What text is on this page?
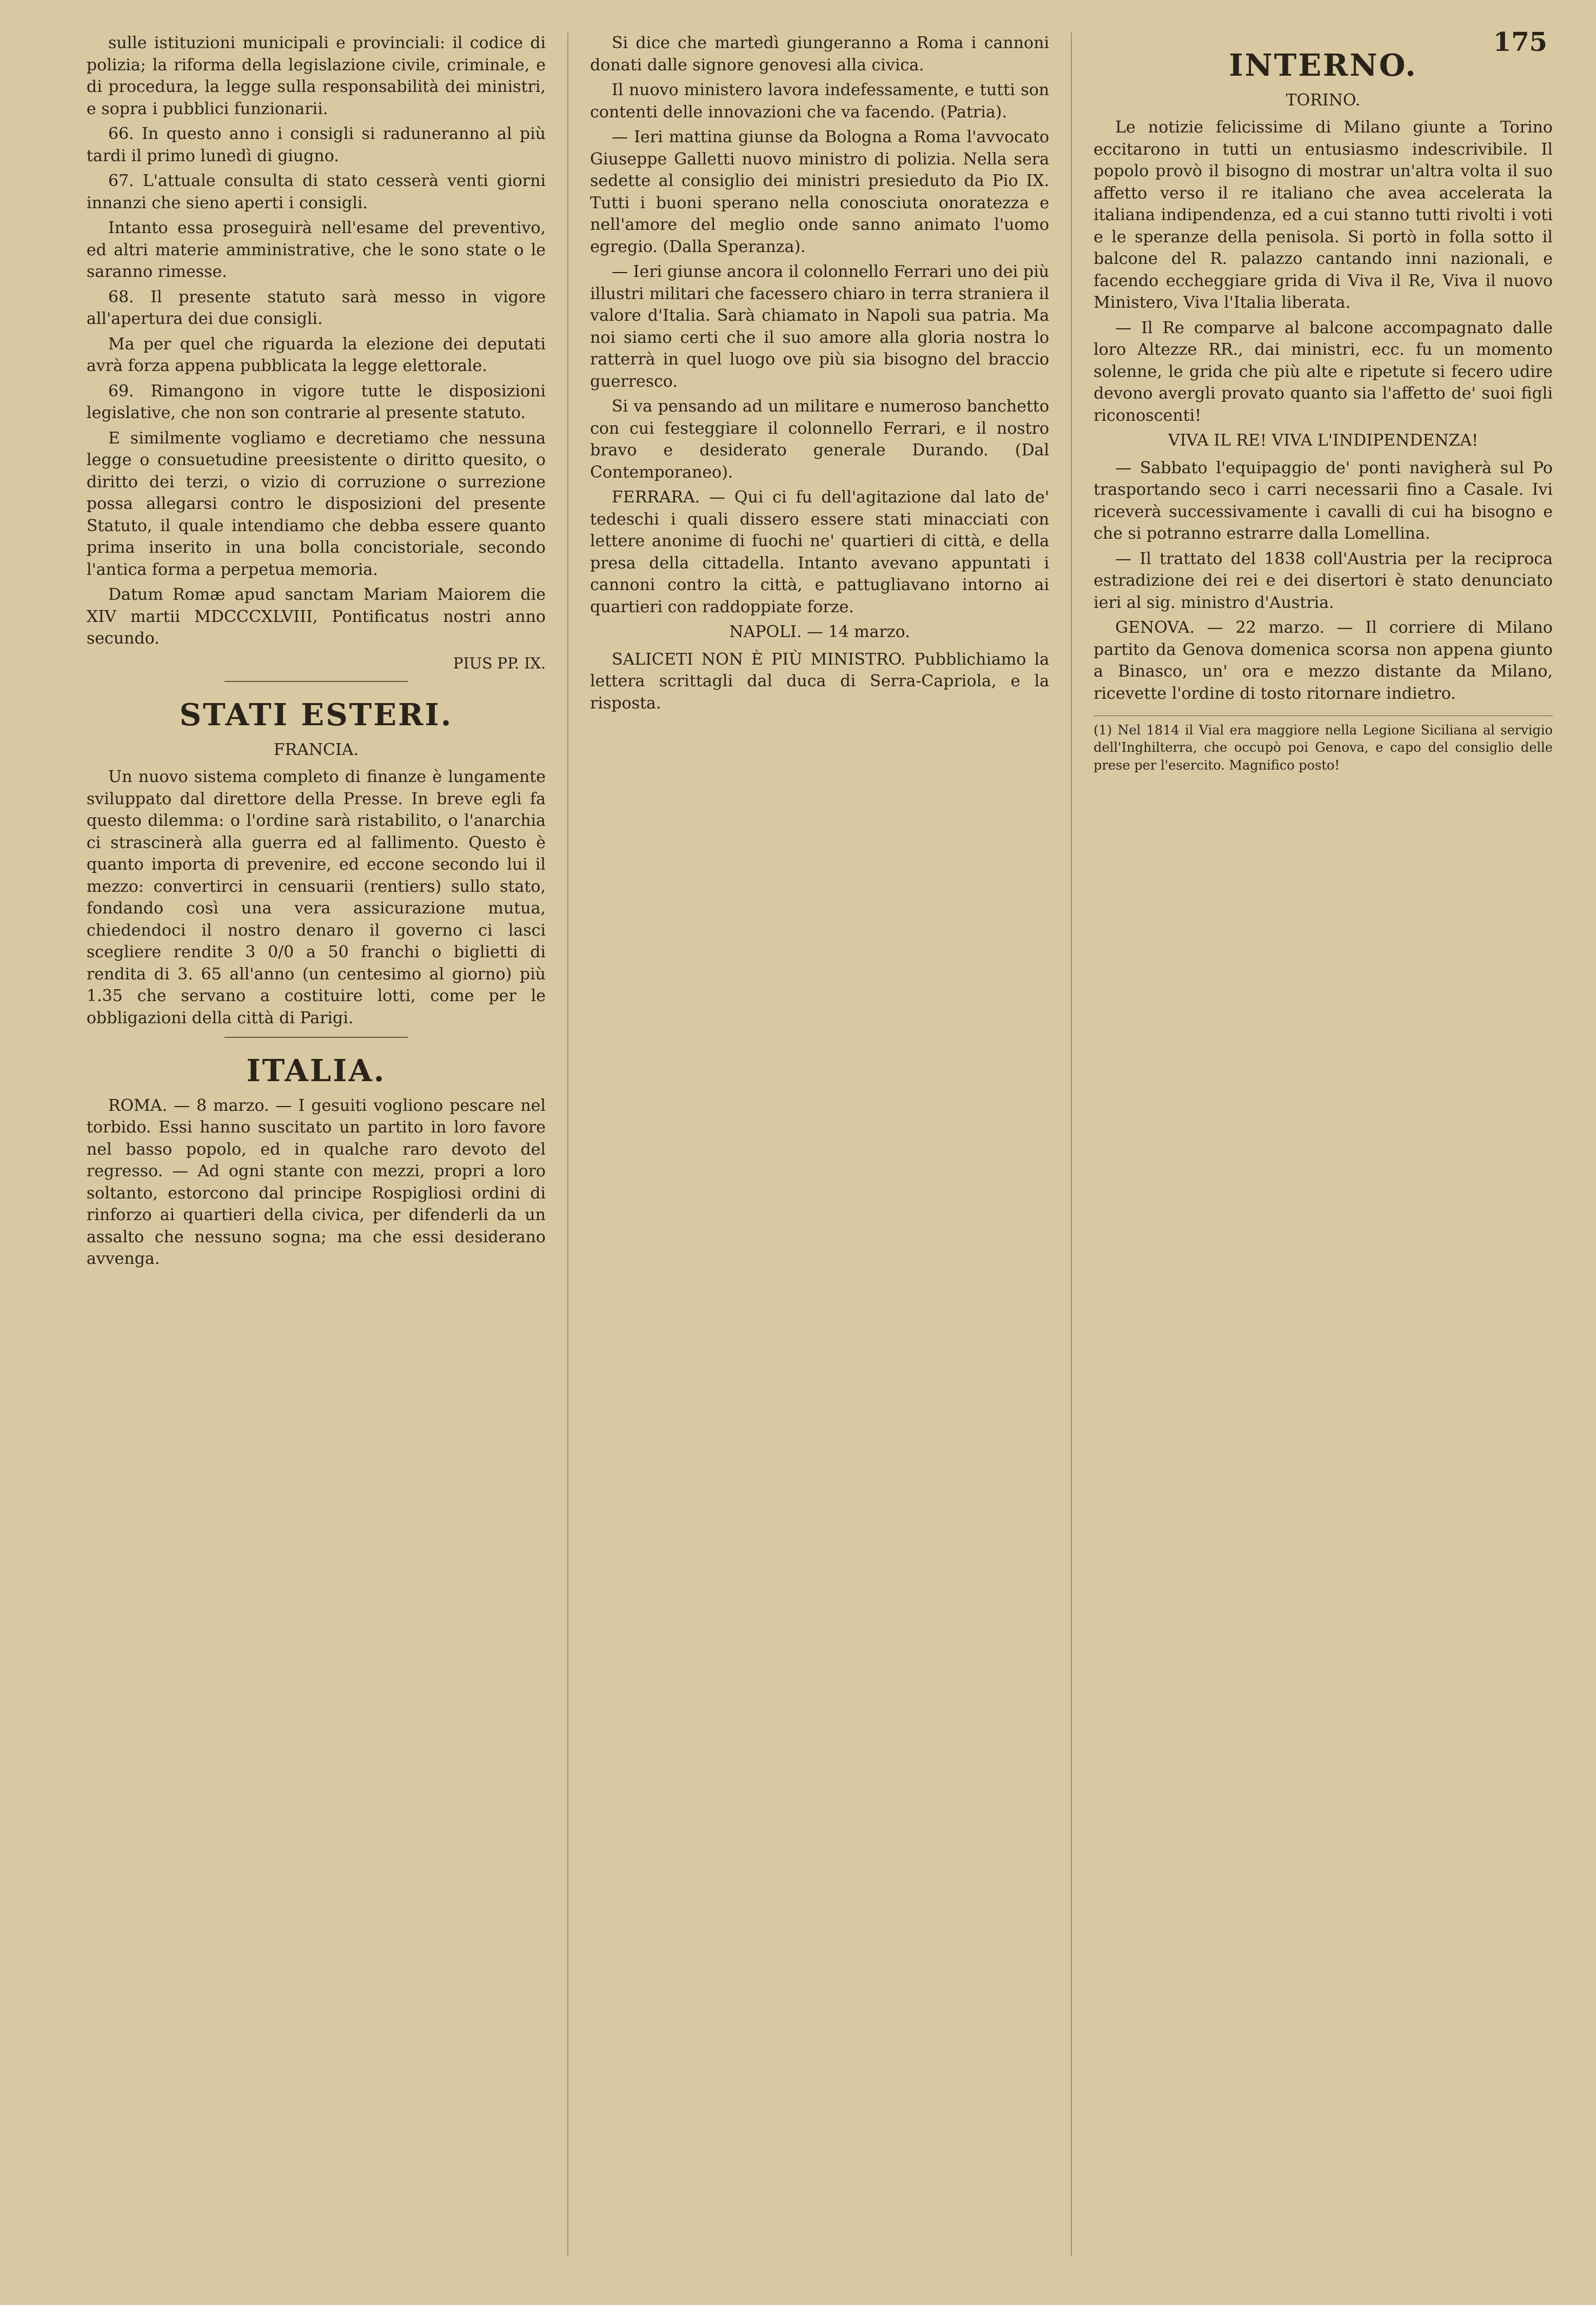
175

sulle istituzioni municipali e provinciali: il codice di polizia; la riforma della legislazione civile, criminale, e di procedura, la legge sulla responsabilità dei ministri, e sopra i pubblici funzionarii.

66. In questo anno i consigli si raduneranno al più tardi il primo lunedì di giugno.

67. L'attuale consulta di stato cesserà venti giorni innanzi che sieno aperti i consigli.

Intanto essa proseguirà nell'esame del preventivo, ed altri materie amministrative, che le sono state o le saranno rimesse.

68. Il presente statuto sarà messo in vigore all'apertura dei due consigli.

Ma per quel che riguarda la elezione dei deputati avrà forza appena pubblicata la legge elettorale.

69. Rimangono in vigore tutte le disposizioni legislative, che non son contrarie al presente statuto.

E similmente vogliamo e decretiamo che nessuna legge o consuetudine preesistente o diritto quesito, o diritto dei terzi, o vizio di corruzione o surrezione possa allegarsi contro le disposizioni del presente Statuto, il quale intendiamo che debba essere quanto prima inserito in una bolla concistoriale, secondo l'antica forma a perpetua memoria.

Datum Romæ apud sanctam Mariam Maiorem die XIV martii MDCCCXLVIII, Pontificatus nostri anno secundo.

PIUS PP. IX.
STATI ESTERI.
FRANCIA.

Un nuovo sistema completo di finanze è lungamente sviluppato dal direttore della Presse. In breve egli fa questo dilemma: o l'ordine sarà ristabilito, o l'anarchia ci strascinerà alla guerra ed al fallimento. Questo è quanto importa di prevenire, ed eccone secondo lui il mezzo: convertirci in censuarii (rentiers) sullo stato, fondando così una vera assicurazione mutua, chiedendoci il nostro denaro il governo ci lasci scegliere rendite 3 0/0 a 50 franchi o biglietti di rendita di 3. 65 all'anno (un centesimo al giorno) più 1.35 che servano a costituire lotti, come per le obbligazioni della città di Parigi.

ITALIA.

ROMA. — 8 marzo. — I gesuiti vogliono pescare nel torbido. Essi hanno suscitato un partito in loro favore nel basso popolo, ed in qualche raro devoto del regresso. — Ad ogni stante con mezzi, propri a loro soltanto, estorcono dal principe Rospigliosi ordini di rinforzo ai quartieri della civica, per difenderli da un assalto che nessuno sogna; ma che essi desiderano avvenga.

Si dice che martedì giungeranno a Roma i cannoni donati dalle signore genovesi alla civica.

Il nuovo ministero lavora indefessamente, e tutti son contenti delle innovazioni che va facendo. (Patria).

— Ieri mattina giunse da Bologna a Roma l'avvocato Giuseppe Galletti nuovo ministro di polizia. Nella sera sedette al consiglio dei ministri presieduto da Pio IX. Tutti i buoni sperano nella conosciuta onoratezza e nell'amore del meglio onde sanno animato l'uomo egregio. (Dalla Speranza).

— Ieri giunse ancora il colonnello Ferrari uno dei più illustri militari che facessero chiaro in terra straniera il valore d'Italia. Sarà chiamato in Napoli sua patria. Ma noi siamo certi che il suo amore alla gloria nostra lo ratterrà in quel luogo ove più sia bisogno del braccio guerresco.

Si va pensando ad un militare e numeroso banchetto con cui festeggiare il colonnello Ferrari, e il nostro bravo e desiderato generale Durando. (Dal Contemporaneo).

FERRARA. — Qui ci fu dell'agitazione dal lato de' tedeschi i quali dissero essere stati minacciati con lettere anonime di fuochi ne' quartieri di città, e della presa della cittadella. Intanto avevano appuntati i cannoni contro la città, e pattugliavano intorno ai quartieri con raddoppiate forze.

NAPOLI. — 14 marzo.

SALICETI NON È PIÙ MINISTRO. Pubblichiamo la lettera scrittagli dal duca di Serra-Capriola, e la risposta.

INTERNO.
TORINO.

Le notizie felicissime di Milano giunte a Torino eccitarono in tutti un entusiasmo indescrivibile. Il popolo provò il bisogno di mostrar un'altra volta il suo affetto verso il re italiano che avea accelerata la italiana indipendenza, ed a cui stanno tutti rivolti i voti e le speranze della penisola. Si portò in folla sotto il balcone del R. palazzo cantando inni nazionali, e facendo eccheggiare grida di Viva il Re, Viva il nuovo Ministero, Viva l'Italia liberata.

— Il Re comparve al balcone accompagnato dalle loro Altezze RR., dai ministri, ecc. fu un momento solenne, le grida che più alte e ripetute si fecero udire devono avergli provato quanto sia l'affetto de' suoi figli riconoscenti!

VIVA IL RE! VIVA L'INDIPENDENZA!

— Sabbato l'equipaggio de' ponti navigherà sul Po trasportando seco i carri necessarii fino a Casale. Ivi riceverà successivamente i cavalli di cui ha bisogno e che si potranno estrarre dalla Lomellina.

— Il trattato del 1838 coll'Austria per la reciproca estradizione dei rei e dei disertori è stato denunciato ieri al sig. ministro d'Austria.

GENOVA. — 22 marzo. — Il corriere di Milano partito da Genova domenica scorsa non appena giunto a Binasco, un' ora e mezzo distante da Milano, ricevette l'ordine di tosto ritornare indietro.

(1) Nel 1814 il Vial era maggiore nella Legione Siciliana al servigio dell'Inghilterra, che occupò poi Genova, e capo del consiglio delle prese per l'esercito. Magnifico posto!
